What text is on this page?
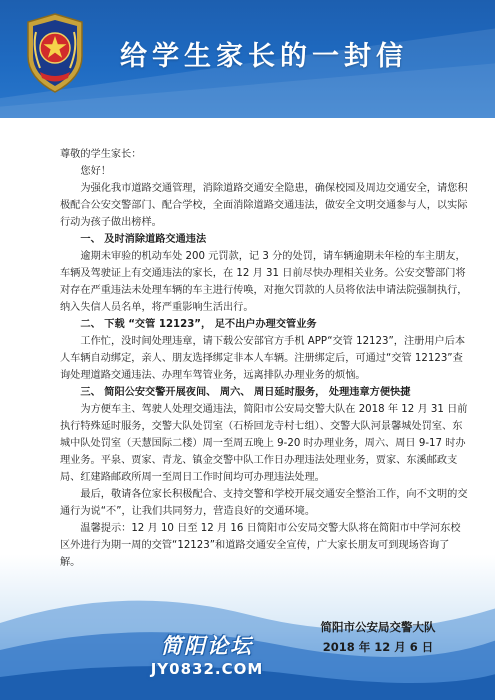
给学生家长的一封信

尊敬的学生家长：

您好！

为强化我市道路交通管理，消除道路交通安全隐患，确保校园及周边交通安全，请您积极配合公安交警部门、配合学校，全面消除道路交通违法，做安全文明交通参与人，以实际行动为孩子做出榜样。

一、 及时消除道路交通违法

逾期未审验的机动车处 200 元罚款，记 3 分的处罚，请车辆逾期未年检的车主朋友，车辆及驾驶证上有交通违法的家长，在 12 月 31 日前尽快办理相关业务。公安交警部门将对存在严重违法未处理车辆的车主进行传唤，对拖欠罚款的人员将依法申请法院强制执行，纳入失信人员名单，将严重影响生活出行。

二、 下载 “交管 12123”， 足不出户办理交管业务

工作忙，没时间处理违章，请下载公安部官方手机 APP“交管 12123”，注册用户后本人车辆自动绑定，亲人、朋友选择绑定非本人车辆。注册绑定后，可通过“交管 12123”查询处理道路交通违法、办理车驾管业务，远离排队办理业务的烦恼。

三、 简阳公安交警开展夜间、 周六、 周日延时服务， 处理违章方便快捷

为方便车主、驾驶人处理交通违法，简阳市公安局交警大队在 2018 年 12 月 31 日前执行特殊延时服务，交警大队处罚室（石桥回龙寺村七组）、交警大队河景馨城处罚室、东城中队处罚室（天慧国际二楼）周一至周五晚上 9-20 时办理业务，周六、周日 9-17 时办理业务。平泉、贾家、青龙、镇金交警中队工作日办理违法处理业务，贾家、东溪邮政支局、红建路邮政所周一至周日工作时间均可办理违法处理。

最后，敬请各位家长积极配合、支持交警和学校开展交通安全整治工作，向不文明的交通行为说“不”，让我们共同努力，营造良好的交通环境。

温馨提示：12 月 10 日至 12 月 16 日简阳市公安局交警大队将在简阳市中学河东校区外进行为期一周的交管“12123”和道路交通安全宣传，广大家长朋友可到现场咨询了解。

简阳论坛
JY0832.COM
简阳市公安局交警大队
2018 年 12 月 6 日
